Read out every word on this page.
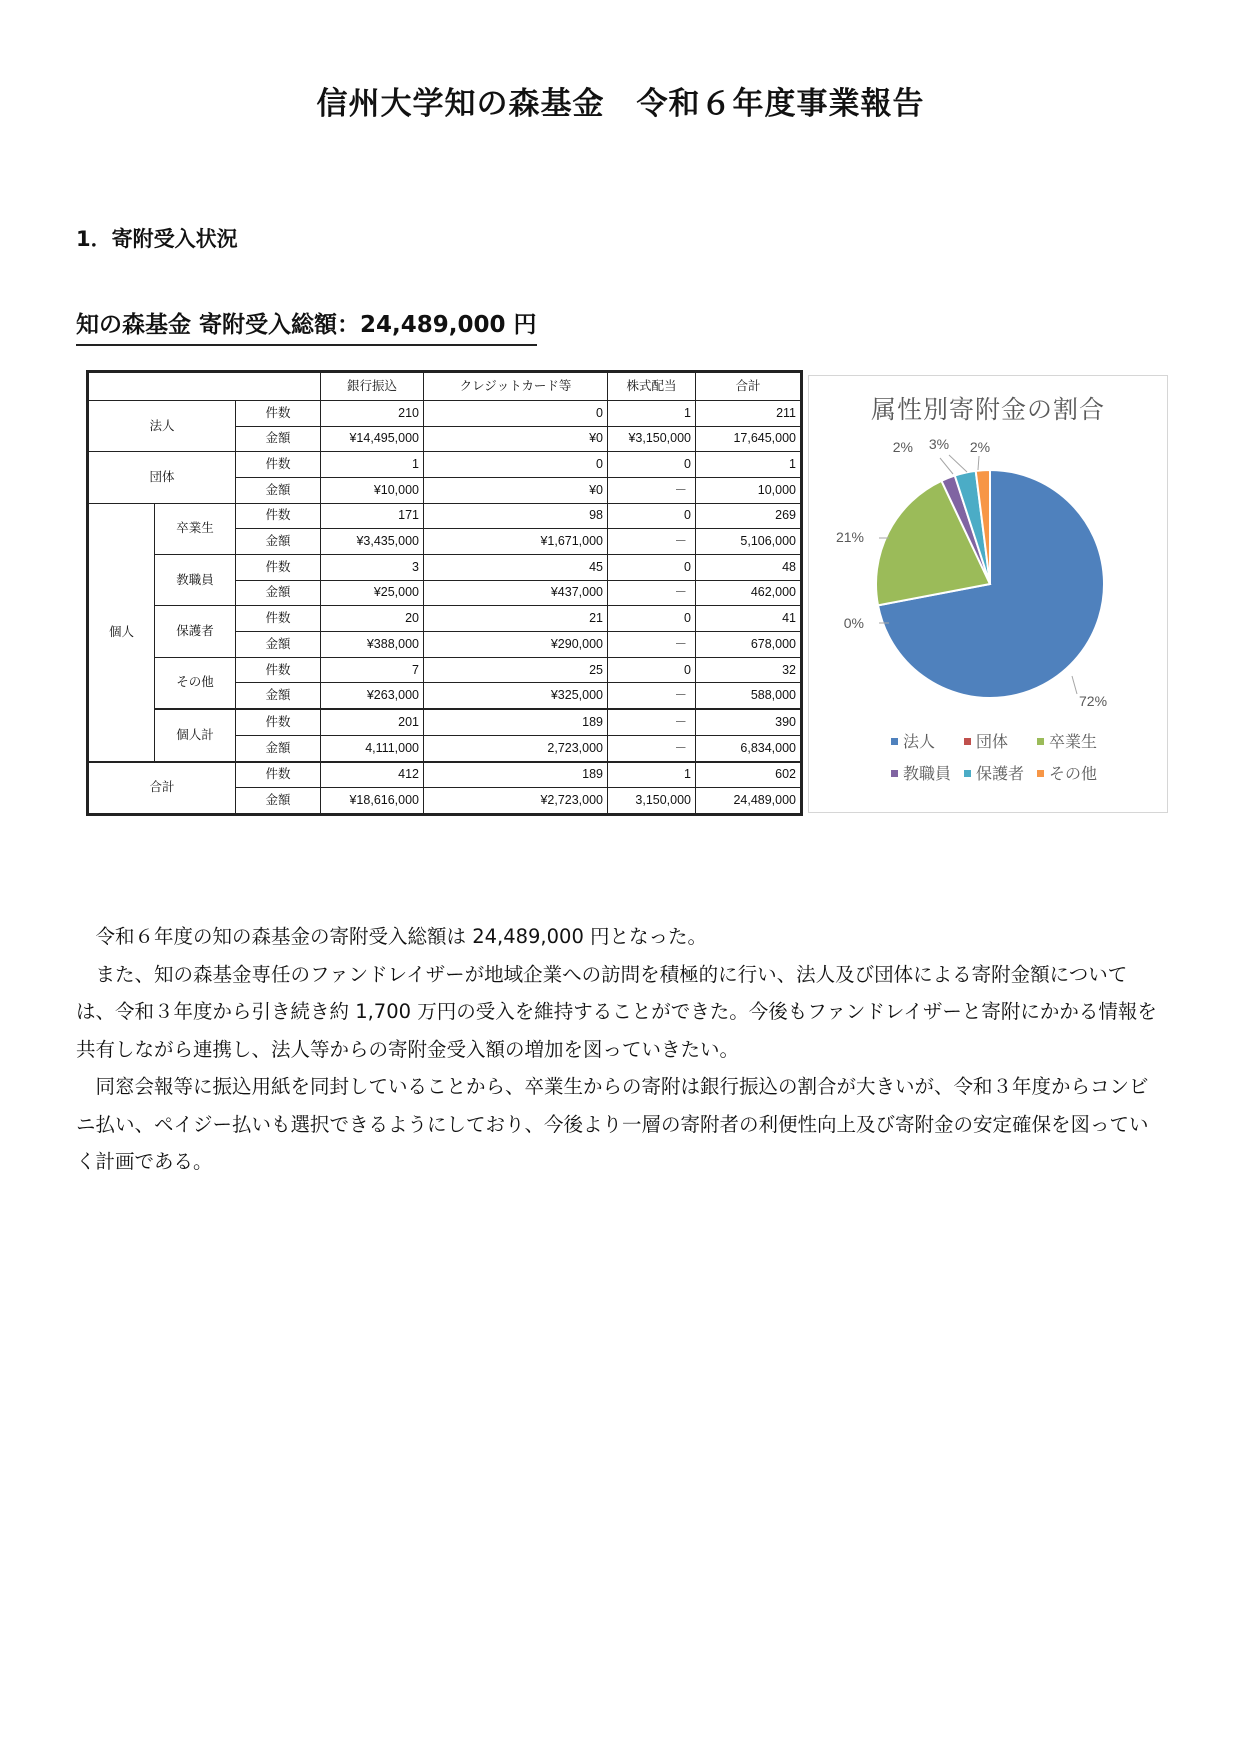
信州大学知の森基金　令和６年度事業報告
1．寄附受入状況
知の森基金 寄附受入総額：24,489,000 円
			銀行振込	クレジットカード等	株式配当	合計
法人		件数	210	0	1	211
		金額	¥14,495,000	¥0	¥3,150,000	17,645,000
団体		件数	1	0	0	1
		金額	¥10,000	¥0	－	10,000
個人	卒業生	件数	171	98	0	269
		金額	¥3,435,000	¥1,671,000	－	5,106,000
	教職員	件数	3	45	0	48
		金額	¥25,000	¥437,000	－	462,000
	保護者	件数	20	21	0	41
		金額	¥388,000	¥290,000	－	678,000
	その他	件数	7	25	0	32
		金額	¥263,000	¥325,000	－	588,000
	個人計	件数	201	189	－	390
		金額	4,111,000	2,723,000	－	6,834,000
合計		件数	412	189	1	602
		金額	¥18,616,000	¥2,723,000	3,150,000	24,489,000
属性別寄附金の割合
72%
0%
21%
2% 3% 2%
法人	団体	卒業生
教職員 保護者 その他

令和６年度の知の森基金の寄附受入総額は 24,489,000 円となった。

また、知の森基金専任のファンドレイザーが地域企業への訪問を積極的に行い、法人及び団体による寄附金額については、令和３年度から引き続き約 1,700 万円の受入を維持することができた。今後もファンドレイザーと寄附にかかる情報を共有しながら連携し、法人等からの寄附金受入額の増加を図っていきたい。

同窓会報等に振込用紙を同封していることから、卒業生からの寄附は銀行振込の割合が大きいが、令和３年度からコンビニ払い、ペイジー払いも選択できるようにしており、今後より一層の寄附者の利便性向上及び寄附金の安定確保を図っていく計画である。
